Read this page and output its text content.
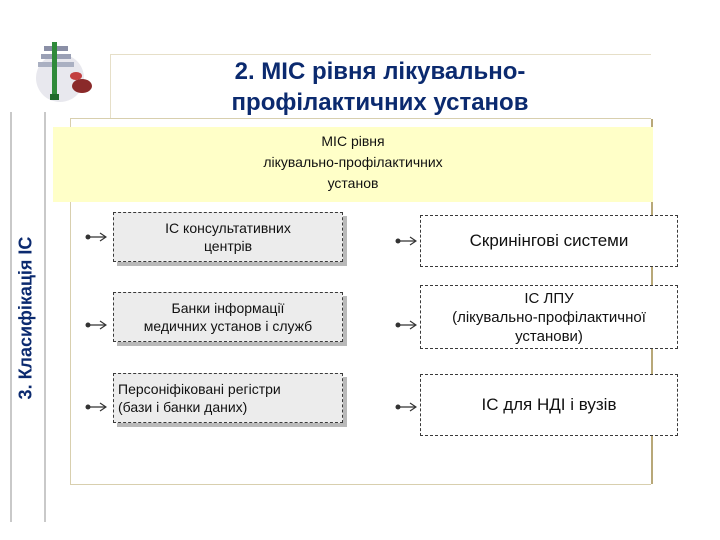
3. Класифікація ІС
2. МІС рівня лікувально-
профілактичних установ
МІС рівня
лікувально-профілактичних
установ
ІС консультативних
центрів
Банки інформації
медичних установ і служб
Персоніфіковані регістри
(бази і банки даних)
Скринінгові системи
ІС ЛПУ
(лікувально-профілактичної
установи)
ІС для НДІ і вузів
